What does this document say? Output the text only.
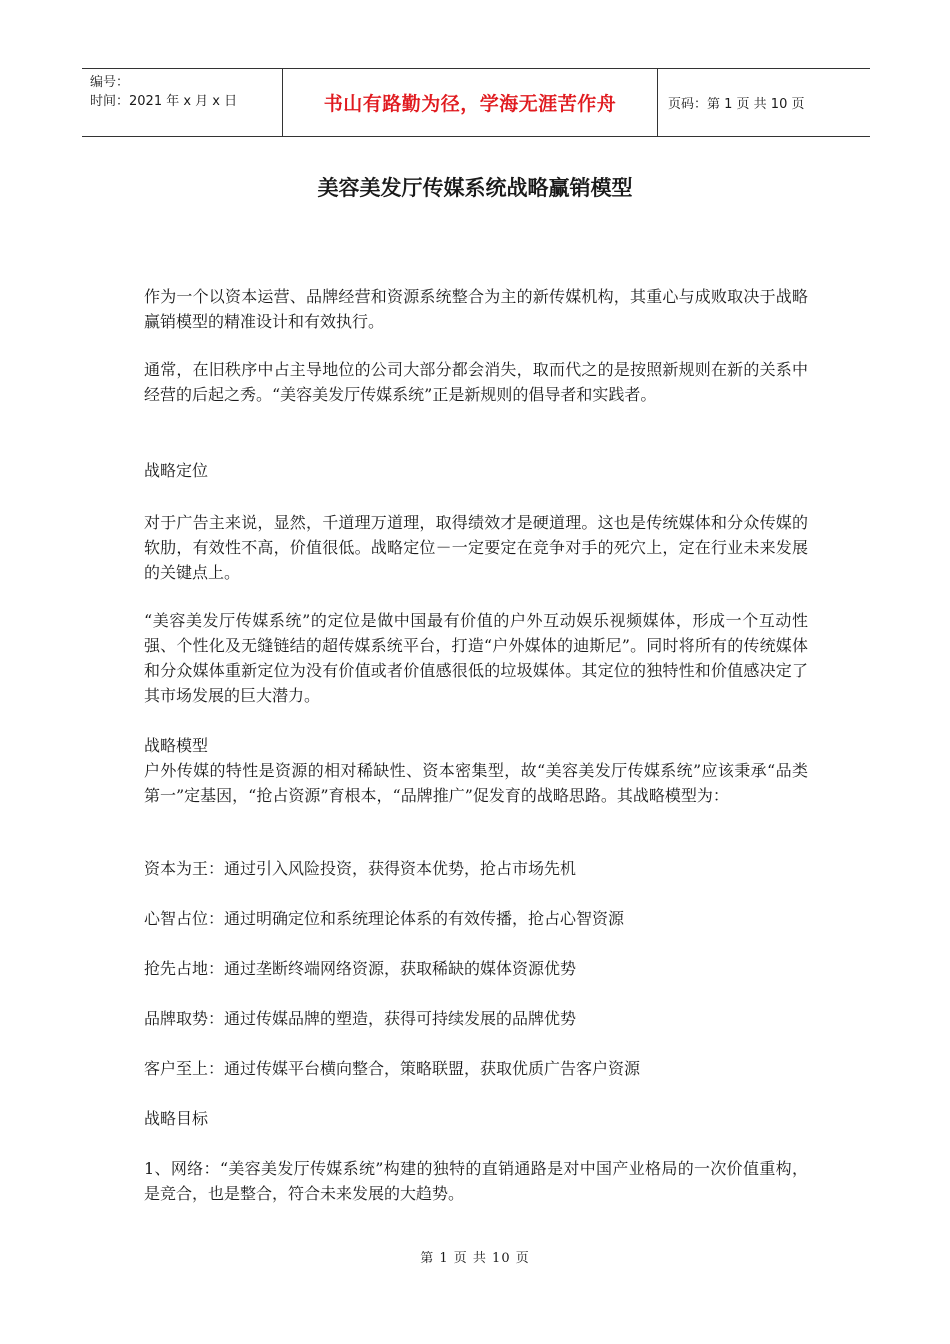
编号：
时间：2021 年 x 月 x 日	书山有路勤为径，学海无涯苦作舟	页码：第 1 页 共 10 页
美容美发厅传媒系统战略赢销模型

作为一个以资本运营、品牌经营和资源系统整合为主的新传媒机构，其重心与成败取决于战略赢销模型的精准设计和有效执行。

通常，在旧秩序中占主导地位的公司大部分都会消失，取而代之的是按照新规则在新的关系中经营的后起之秀。“美容美发厅传媒系统”正是新规则的倡导者和实践者。

战略定位

对于广告主来说，显然，千道理万道理，取得绩效才是硬道理。这也是传统媒体和分众传媒的软肋，有效性不高，价值很低。战略定位－一定要定在竞争对手的死穴上，定在行业未来发展的关键点上。

“美容美发厅传媒系统”的定位是做中国最有价值的户外互动娱乐视频媒体，形成一个互动性强、个性化及无缝链结的超传媒系统平台，打造“户外媒体的迪斯尼”。同时将所有的传统媒体和分众媒体重新定位为没有价值或者价值感很低的垃圾媒体。其定位的独特性和价值感决定了其市场发展的巨大潜力。

战略模型

户外传媒的特性是资源的相对稀缺性、资本密集型，故“美容美发厅传媒系统”应该秉承“品类第一”定基因，“抢占资源”育根本，“品牌推广”促发育的战略思路。其战略模型为：

资本为王：通过引入风险投资，获得资本优势，抢占市场先机

心智占位：通过明确定位和系统理论体系的有效传播，抢占心智资源

抢先占地：通过垄断终端网络资源，获取稀缺的媒体资源优势

品牌取势：通过传媒品牌的塑造，获得可持续发展的品牌优势

客户至上：通过传媒平台横向整合，策略联盟，获取优质广告客户资源

战略目标

1、网络：“美容美发厅传媒系统”构建的独特的直销通路是对中国产业格局的一次价值重构，是竞合，也是整合，符合未来发展的大趋势。

第 1 页 共 10 页
